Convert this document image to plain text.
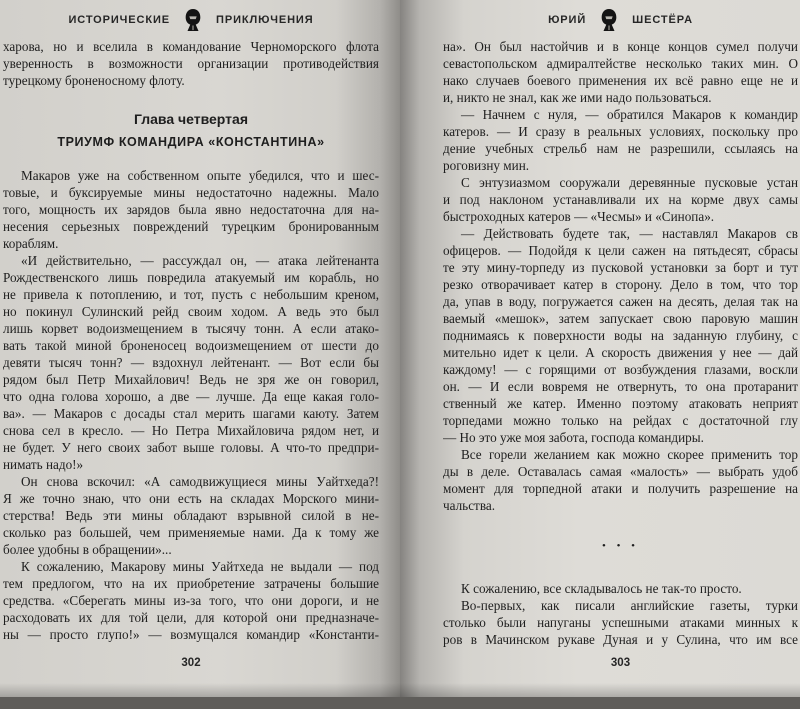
ИСТОРИЧЕСКИЕ	ПРИКЛЮЧЕНИЯ
харова, но и вселила в командование Черноморского флота
уверенность в возможности организации противодействия
турецкому броненосному флоту.
Глава четвертая
ТРИУМФ КОМАНДИРА «КОНСТАНТИНА»
Макаров уже на собственном опыте убедился, что и шес-
товые, и буксируемые мины недостаточно надежны. Мало
того, мощность их зарядов была явно недостаточна для на-
несения серьезных повреждений турецким бронированным
кораблям.
«И действительно, — рассуждал он, — атака лейтенанта
Рождественского лишь повредила атакуемый им корабль, но
не привела к потоплению, и тот, пусть с небольшим креном,
но покинул Сулинский рейд своим ходом. А ведь это был
лишь корвет водоизмещением в тысячу тонн. А если атако-
вать такой миной броненосец водоизмещением от шести до
девяти тысяч тонн? — вздохнул лейтенант. — Вот если бы
рядом был Петр Михайлович! Ведь не зря же он говорил,
что одна голова хорошо, а две — лучше. Да еще какая голо-
ва». — Макаров с досады стал мерить шагами каюту. Затем
снова сел в кресло. — Но Петра Михайловича рядом нет, и
не будет. У него своих забот выше головы. А что-то предпри-
нимать надо!»
Он снова вскочил: «А самодвижущиеся мины Уайтхеда?!
Я же точно знаю, что они есть на складах Морского мини-
стерства! Ведь эти мины обладают взрывной силой в не-
сколько раз большей, чем применяемые нами. Да к тому же
более удобны в обращении»...
К сожалению, Макарову мины Уайтхеда не выдали — под
тем предлогом, что на их приобретение затрачены большие
средства. «Сберегать мины из-за того, что они дороги, и не
расходовать их для той цели, для которой они предназначе-
ны — просто глупо!» — возмущался командир «Константи-
302
ЮРИЙ	ШЕСТЁРА
на». Он был настойчив и в конце концов сумел получи
севастопольском адмиралтействе несколько таких мин. О
нако случаев боевого применения их всё равно еще не и
и, никто не знал, как же ими надо пользоваться.
— Начнем с нуля, — обратился Макаров к командир
катеров. — И сразу в реальных условиях, поскольку про
дение учебных стрельб нам не разрешили, ссылаясь на
роговизну мин.
С энтузиазмом сооружали деревянные пусковые устан
и под наклоном устанавливали их на корме двух самы
быстроходных катеров — «Чесмы» и «Синопа».
— Действовать будете так, — наставлял Макаров св
офицеров. — Подойдя к цели сажен на пятьдесят, сбрасы
те эту мину-торпеду из пусковой установки за борт и тут
резко отворачивает катер в сторону. Дело в том, что тор
да, упав в воду, погружается сажен на десять, делая так на
ваемый «мешок», затем запускает свою паровую машин
поднимаясь к поверхности воды на заданную глубину, с
мительно идет к цели. А скорость движения у нее — дай
каждому! — с горящими от возбуждения глазами, воскли
он. — И если вовремя не отвернуть, то она протаранит
ственный же катер. Именно поэтому атаковать неприят
торпедами можно только на рейдах с достаточной глу
— Но это уже моя забота, господа командиры.
Все горели желанием как можно скорее применить тор
ды в деле. Оставалась самая «малость» — выбрать удоб
момент для торпедной атаки и получить разрешение на
чальства.
• • •
К сожалению, все складывалось не так-то просто.
Во-первых, как писали английские газеты, турки
столько были напуганы успешными атаками минных к
ров в Мачинском рукаве Дуная и у Сулина, что им все
303
